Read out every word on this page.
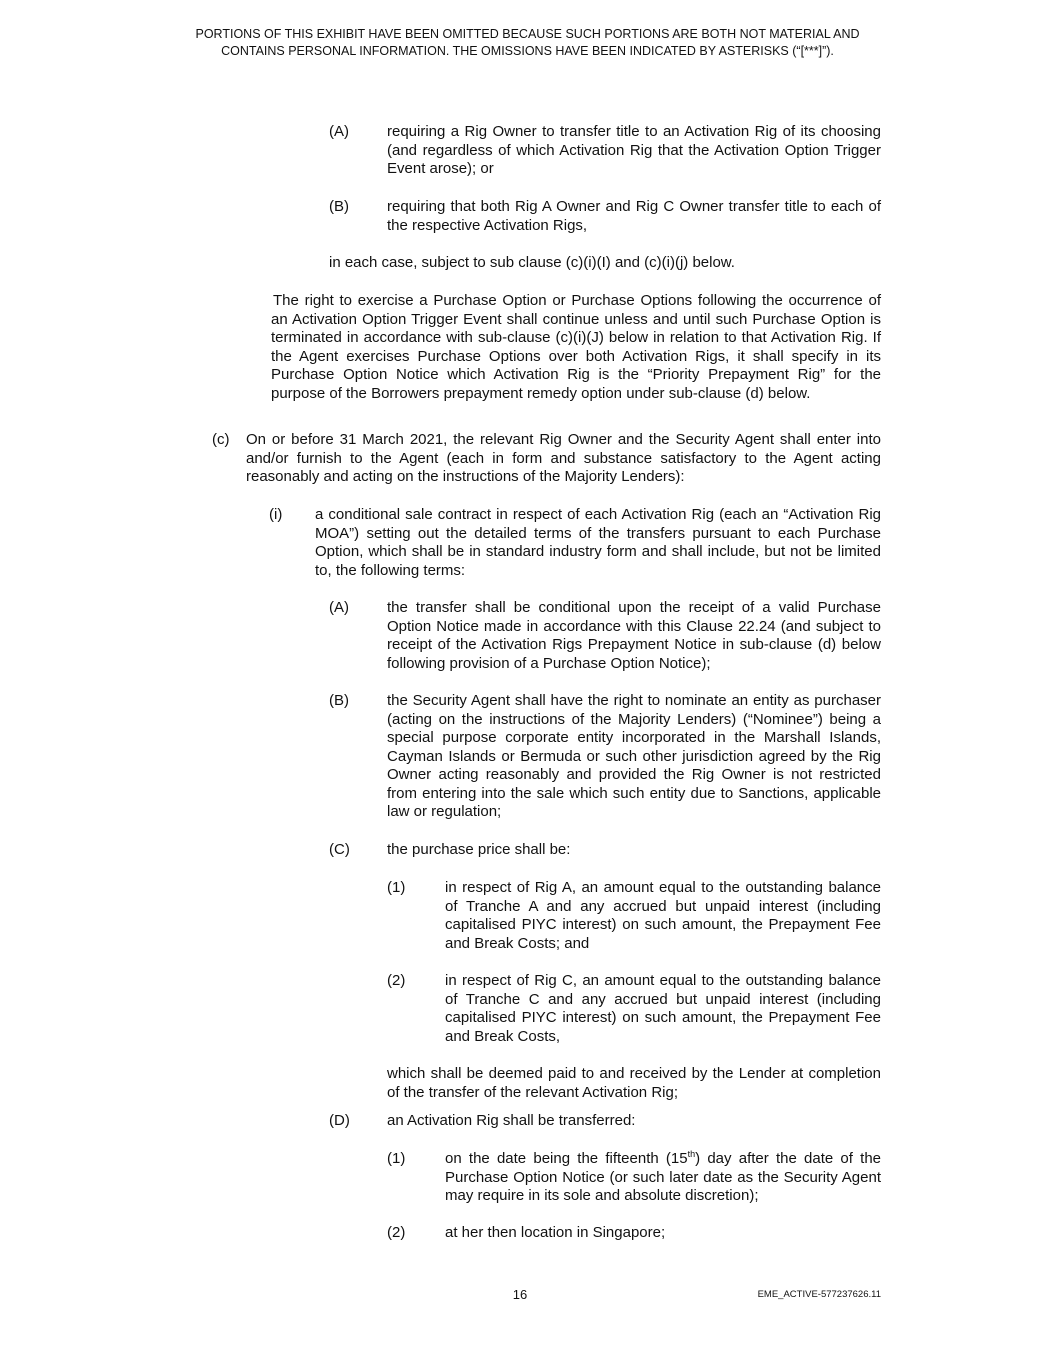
PORTIONS OF THIS EXHIBIT HAVE BEEN OMITTED BECAUSE SUCH PORTIONS ARE BOTH NOT MATERIAL AND
CONTAINS PERSONAL INFORMATION. THE OMISSIONS HAVE BEEN INDICATED BY ASTERISKS (“[***]”).
(A)	requiring a Rig Owner to transfer title to an Activation Rig of its choosing (and regardless of which Activation Rig that the Activation Option Trigger Event arose); or
(B)	requiring that both Rig A Owner and Rig C Owner transfer title to each of the respective Activation Rigs,
in each case, subject to sub clause (c)(i)(I) and (c)(i)(j) below.
The right to exercise a Purchase Option or Purchase Options following the occurrence of an Activation Option Trigger Event shall continue unless and until such Purchase Option is terminated in accordance with sub-clause (c)(i)(J) below in relation to that Activation Rig. If the Agent exercises Purchase Options over both Activation Rigs, it shall specify in its Purchase Option Notice which Activation Rig is the “Priority Prepayment Rig” for the purpose of the Borrowers prepayment remedy option under sub-clause (d) below.
(c) On or before 31 March 2021, the relevant Rig Owner and the Security Agent shall enter into and/or furnish to the Agent (each in form and substance satisfactory to the Agent acting reasonably and acting on the instructions of the Majority Lenders):
(i) a conditional sale contract in respect of each Activation Rig (each an “Activation Rig MOA”) setting out the detailed terms of the transfers pursuant to each Purchase Option, which shall be in standard industry form and shall include, but not be limited to, the following terms:
(A)	the transfer shall be conditional upon the receipt of a valid Purchase Option Notice made in accordance with this Clause 22.24 (and subject to receipt of the Activation Rigs Prepayment Notice in sub-clause (d) below following provision of a Purchase Option Notice);
(B)	the Security Agent shall have the right to nominate an entity as purchaser (acting on the instructions of the Majority Lenders) (“Nominee”) being a special purpose corporate entity incorporated in the Marshall Islands, Cayman Islands or Bermuda or such other jurisdiction agreed by the Rig Owner acting reasonably and provided the Rig Owner is not restricted from entering into the sale which such entity due to Sanctions, applicable law or regulation;
(C) the purchase price shall be:
(1)	in respect of Rig A, an amount equal to the outstanding balance of Tranche A and any accrued but unpaid interest (including capitalised PIYC interest) on such amount, the Prepayment Fee and Break Costs; and
(2)	in respect of Rig C, an amount equal to the outstanding balance of Tranche C and any accrued but unpaid interest (including capitalised PIYC interest) on such amount, the Prepayment Fee and Break Costs,
which shall be deemed paid to and received by the Lender at completion of the transfer of the relevant Activation Rig;
(D) an Activation Rig shall be transferred:
(1)	on the date being the fifteenth (15th) day after the date of the Purchase Option Notice (or such later date as the Security Agent may require in its sole and absolute discretion);
(2)	at her then location in Singapore;
16	EME_ACTIVE-577237626.11
